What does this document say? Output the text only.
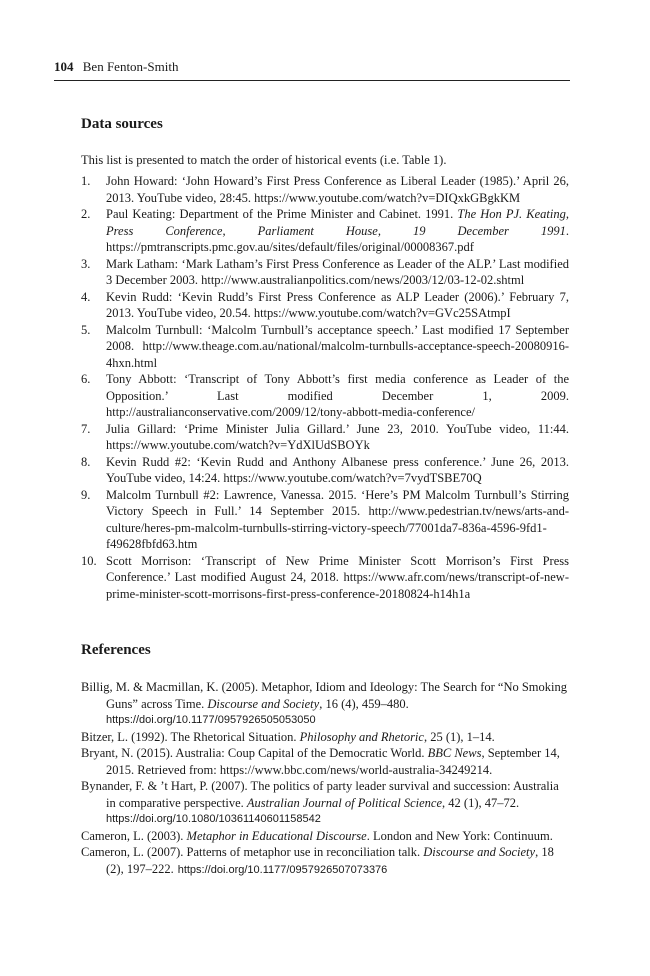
104 Ben Fenton-Smith
Data sources
This list is presented to match the order of historical events (i.e. Table 1).
1. John Howard: ‘John Howard’s First Press Conference as Liberal Leader (1985).’ April 26, 2013. YouTube video, 28:45. https://www.youtube.com/watch?v=DIQxkGBgkKM
2. Paul Keating: Department of the Prime Minister and Cabinet. 1991. The Hon PJ. Keating, Press Conference, Parliament House, 19 December 1991. https://pmtranscripts.pmc.gov.au/sites/default/files/original/00008367.pdf
3. Mark Latham: ‘Mark Latham’s First Press Conference as Leader of the ALP.’ Last modified 3 December 2003. http://www.australianpolitics.com/news/2003/12/03-12-02.shtml
4. Kevin Rudd: ‘Kevin Rudd’s First Press Conference as ALP Leader (2006).’ February 7, 2013. YouTube video, 20.54. https://www.youtube.com/watch?v=GVc25SAtmpI
5. Malcolm Turnbull: ‘Malcolm Turnbull’s acceptance speech.’ Last modified 17 September 2008. http://www.theage.com.au/national/malcolm-turnbulls-acceptance-speech-20080916-4hxn.html
6. Tony Abbott: ‘Transcript of Tony Abbott’s first media conference as Leader of the Opposition.’ Last modified December 1, 2009. http://australianconservative.com/2009/12/tony-abbott-media-conference/
7. Julia Gillard: ‘Prime Minister Julia Gillard.’ June 23, 2010. YouTube video, 11:44. https://www.youtube.com/watch?v=YdXlUdSBOYk
8. Kevin Rudd #2: ‘Kevin Rudd and Anthony Albanese press conference.’ June 26, 2013. YouTube video, 14:24. https://www.youtube.com/watch?v=7vydTSBE70Q
9. Malcolm Turnbull #2: Lawrence, Vanessa. 2015. ‘Here’s PM Malcolm Turnbull’s Stirring Victory Speech in Full.’ 14 September 2015. http://www.pedestrian.tv/news/arts-and-culture/heres-pm-malcolm-turnbulls-stirring-victory-speech/77001da7-836a-4596-9fd1-f49628fbfd63.htm
10. Scott Morrison: ‘Transcript of New Prime Minister Scott Morrison’s First Press Conference.’ Last modified August 24, 2018. https://www.afr.com/news/transcript-of-new-prime-minister-scott-morrisons-first-press-conference-20180824-h14h1a
References
Billig, M. & Macmillan, K. (2005). Metaphor, Idiom and Ideology: The Search for “No Smoking Guns” across Time. Discourse and Society, 16 (4), 459–480.
https://doi.org/10.1177/0957926505053050
Bitzer, L. (1992). The Rhetorical Situation. Philosophy and Rhetoric, 25 (1), 1–14.
Bryant, N. (2015). Australia: Coup Capital of the Democratic World. BBC News, September 14, 2015. Retrieved from: https://www.bbc.com/news/world-australia-34249214.
Bynander, F. & ’t Hart, P. (2007). The politics of party leader survival and succession: Australia in comparative perspective. Australian Journal of Political Science, 42 (1), 47–72.
https://doi.org/10.1080/10361140601158542
Cameron, L. (2003). Metaphor in Educational Discourse. London and New York: Continuum.
Cameron, L. (2007). Patterns of metaphor use in reconciliation talk. Discourse and Society, 18 (2), 197–222. https://doi.org/10.1177/0957926507073376
